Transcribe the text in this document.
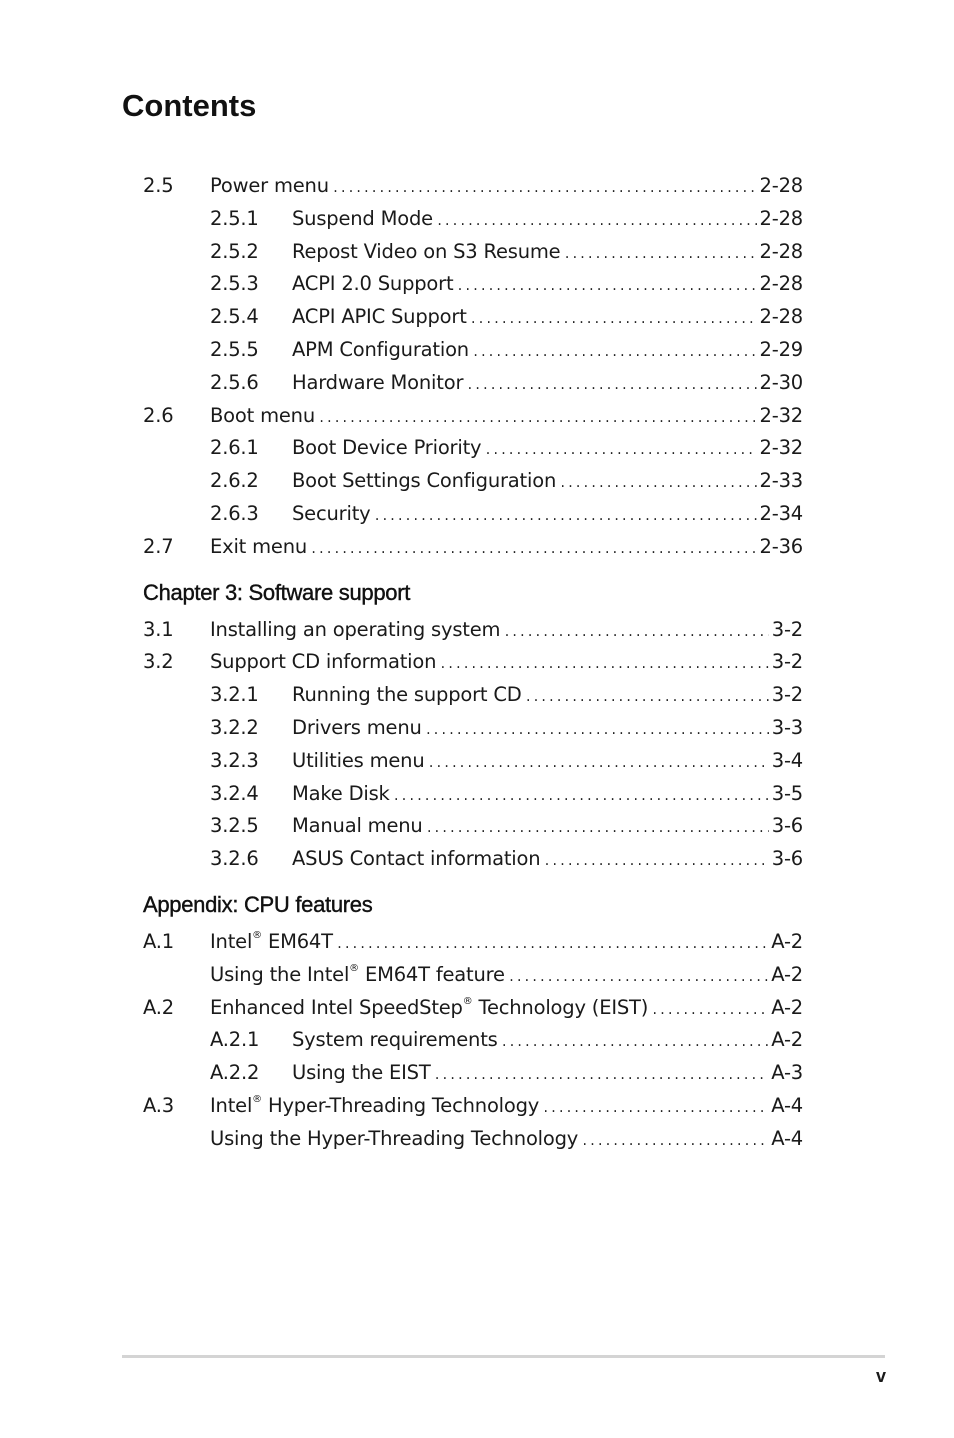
Contents
2.5	Power menu .....	2-28
2.5.1	Suspend Mode .....	2-28
2.5.2	Repost Video on S3 Resume .....	2-28
2.5.3	ACPI 2.0 Support .....	2-28
2.5.4	ACPI APIC Support .....	2-28
2.5.5	APM Configuration .....	2-29
2.5.6	Hardware Monitor .....	2-30
2.6	Boot menu .....	2-32
2.6.1	Boot Device Priority .....	2-32
2.6.2	Boot Settings Configuration .....	2-33
2.6.3	Security .....	2-34
2.7	Exit menu .....	2-36
Chapter 3: Software support
3.1	Installing an operating system .....	3-2
3.2	Support CD information .....	3-2
3.2.1	Running the support CD .....	3-2
3.2.2	Drivers menu .....	3-3
3.2.3	Utilities menu .....	3-4
3.2.4	Make Disk .....	3-5
3.2.5	Manual menu .....	3-6
3.2.6	ASUS Contact information .....	3-6
Appendix: CPU features
A.1	Intel® EM64T .....	A-2
Using the Intel® EM64T feature .....	A-2
A.2	Enhanced Intel SpeedStep® Technology (EIST) .....	A-2
A.2.1	System requirements .....	A-2
A.2.2	Using the EIST .....	A-3
A.3	Intel® Hyper-Threading Technology .....	A-4
Using the Hyper-Threading Technology .....	A-4
v
